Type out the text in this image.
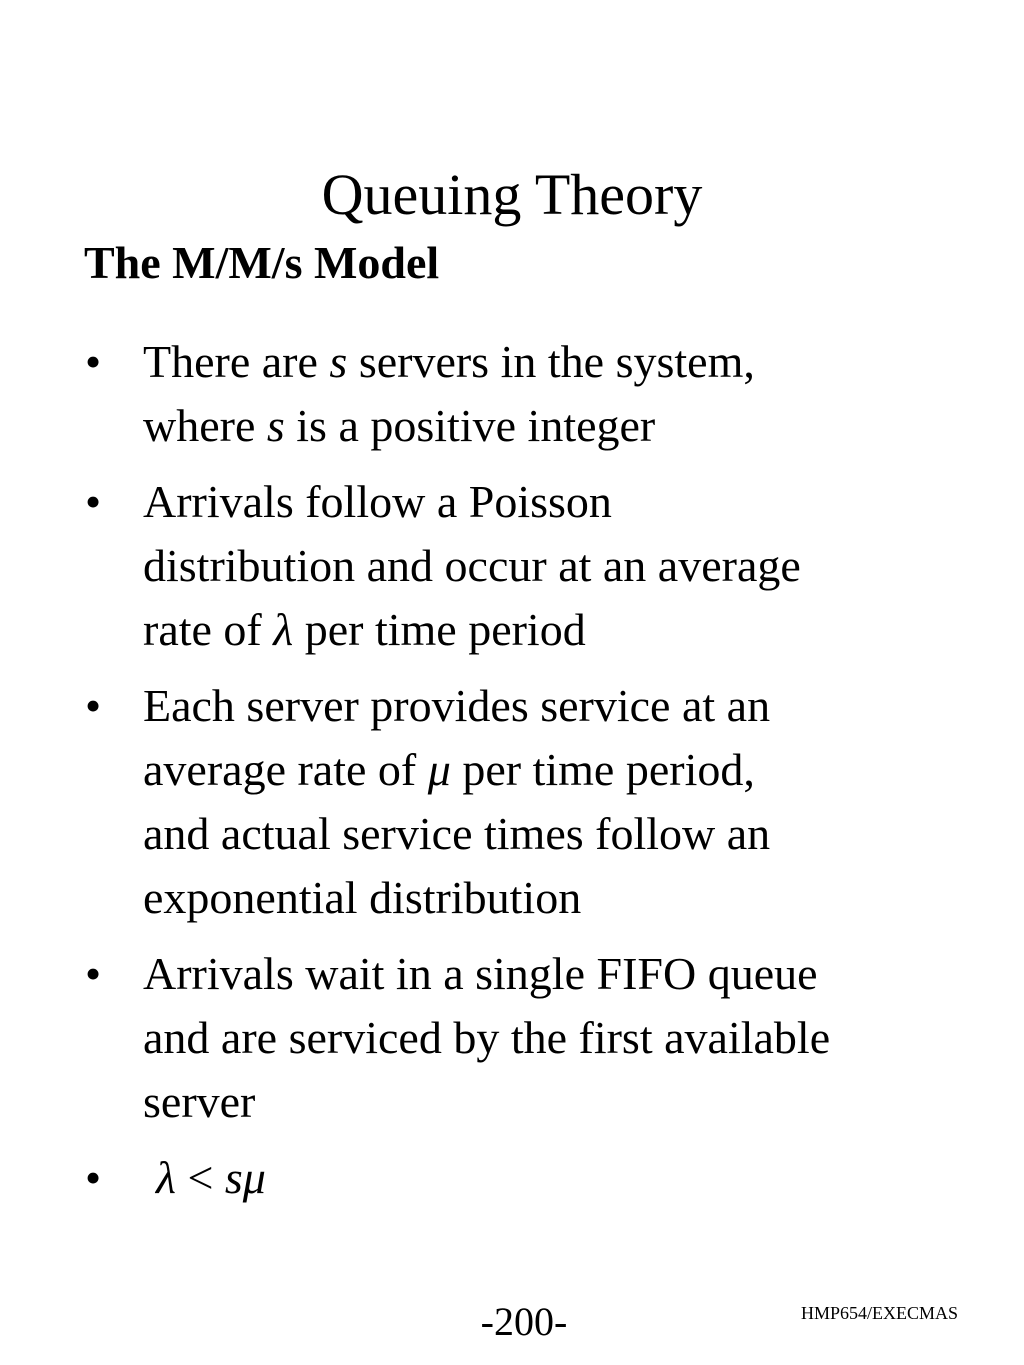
Queuing Theory
The M/M/s Model
• There are s servers in the system,
where s is a positive integer
• Arrivals follow a Poisson
distribution and occur at an average
rate of λ per time period
• Each server provides service at an
average rate of μ per time period,
and actual service times follow an
exponential distribution
• Arrivals wait in a single FIFO queue
and are serviced by the first available
server
• λ < sμ
-200-	HMP654/EXECMAS
